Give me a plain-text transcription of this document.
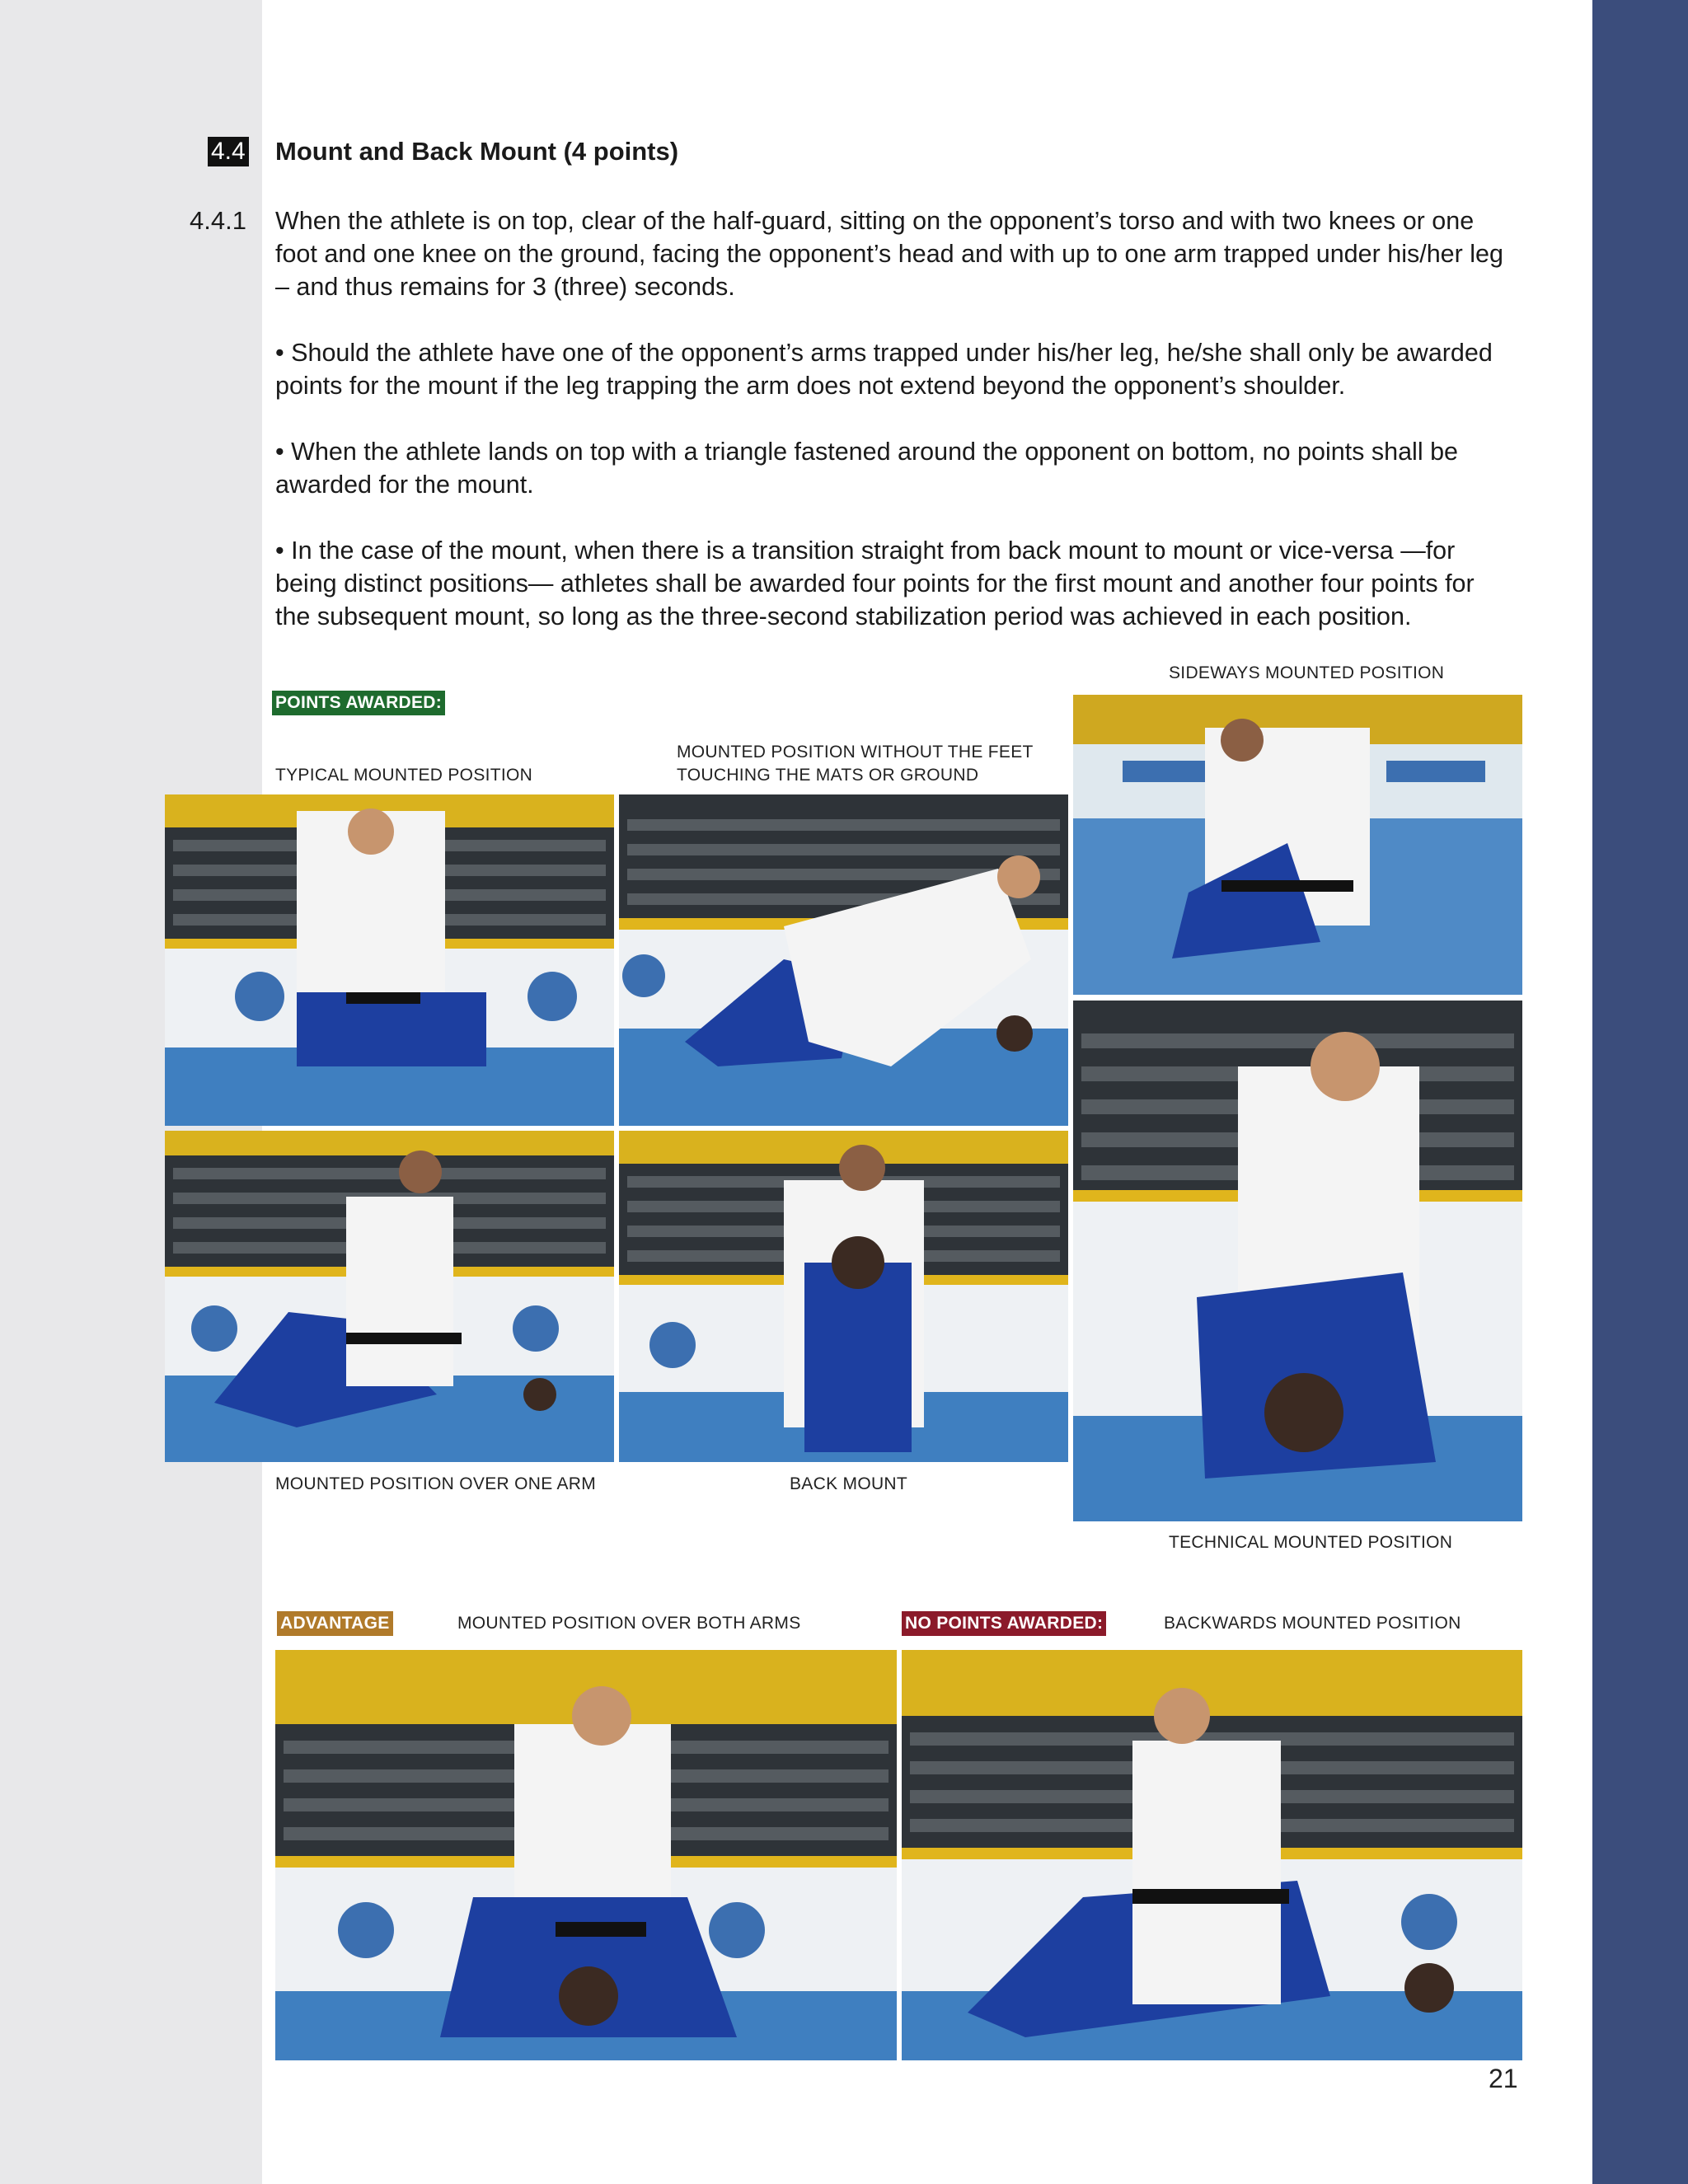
4.4 Mount and Back Mount (4 points)
4.4.1 When the athlete is on top, clear of the half-guard, sitting on the opponent’s torso and with two knees or one foot and one knee on the ground, facing the opponent’s head and with up to one arm trapped under his/her leg – and thus remains for 3 (three) seconds.
• Should the athlete have one of the opponent’s arms trapped under his/her leg, he/she shall only be awarded points for the mount if the leg trapping the arm does not extend beyond the opponent’s shoulder.
• When the athlete lands on top with a triangle fastened around the opponent on bottom, no points shall be awarded for the mount.
• In the case of the mount, when there is a transition straight from back mount to mount or vice-versa —for being distinct positions— athletes shall be awarded four points for the first mount and another four points for the subsequent mount, so long as the three-second stabilization period was achieved in each position.
SIDEWAYS MOUNTED POSITION
POINTS AWARDED:
MOUNTED POSITION WITHOUT THE FEET
TOUCHING THE MATS OR GROUND
TYPICAL MOUNTED POSITION
MOUNTED POSITION OVER ONE ARM	BACK MOUNT
TECHNICAL MOUNTED POSITION
ADVANTAGE	MOUNTED POSITION OVER BOTH ARMS	NO POINTS AWARDED:	BACKWARDS MOUNTED POSITION
21
